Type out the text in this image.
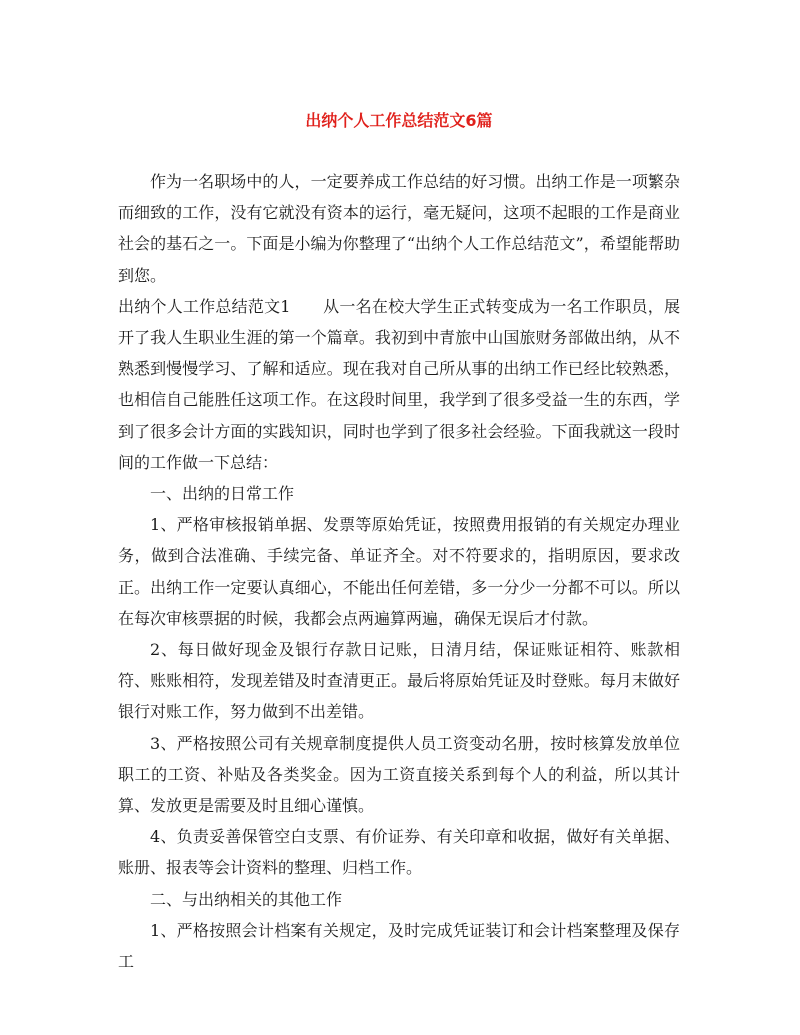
出纳个人工作总结范文6篇

作为一名职场中的人，一定要养成工作总结的好习惯。出纳工作是一项繁杂而细致的工作，没有它就没有资本的运行，毫无疑问，这项不起眼的工作是商业社会的基石之一。下面是小编为你整理了“出纳个人工作总结范文”，希望能帮助到您。

出纳个人工作总结范文1　　从一名在校大学生正式转变成为一名工作职员，展开了我人生职业生涯的第一个篇章。我初到中青旅中山国旅财务部做出纳，从不熟悉到慢慢学习、了解和适应。现在我对自己所从事的出纳工作已经比较熟悉，也相信自己能胜任这项工作。在这段时间里，我学到了很多受益一生的东西，学到了很多会计方面的实践知识，同时也学到了很多社会经验。下面我就这一段时间的工作做一下总结：

一、出纳的日常工作

1、严格审核报销单据、发票等原始凭证，按照费用报销的有关规定办理业务，做到合法准确、手续完备、单证齐全。对不符要求的，指明原因，要求改正。出纳工作一定要认真细心，不能出任何差错，多一分少一分都不可以。所以在每次审核票据的时候，我都会点两遍算两遍，确保无误后才付款。

2、每日做好现金及银行存款日记账，日清月结，保证账证相符、账款相符、账账相符，发现差错及时查清更正。最后将原始凭证及时登账。每月末做好银行对账工作，努力做到不出差错。

3、严格按照公司有关规章制度提供人员工资变动名册，按时核算发放单位职工的工资、补贴及各类奖金。因为工资直接关系到每个人的利益，所以其计算、发放更是需要及时且细心谨慎。

4、负责妥善保管空白支票、有价证券、有关印章和收据，做好有关单据、账册、报表等会计资料的整理、归档工作。

二、与出纳相关的其他工作

1、严格按照会计档案有关规定，及时完成凭证装订和会计档案整理及保存工
